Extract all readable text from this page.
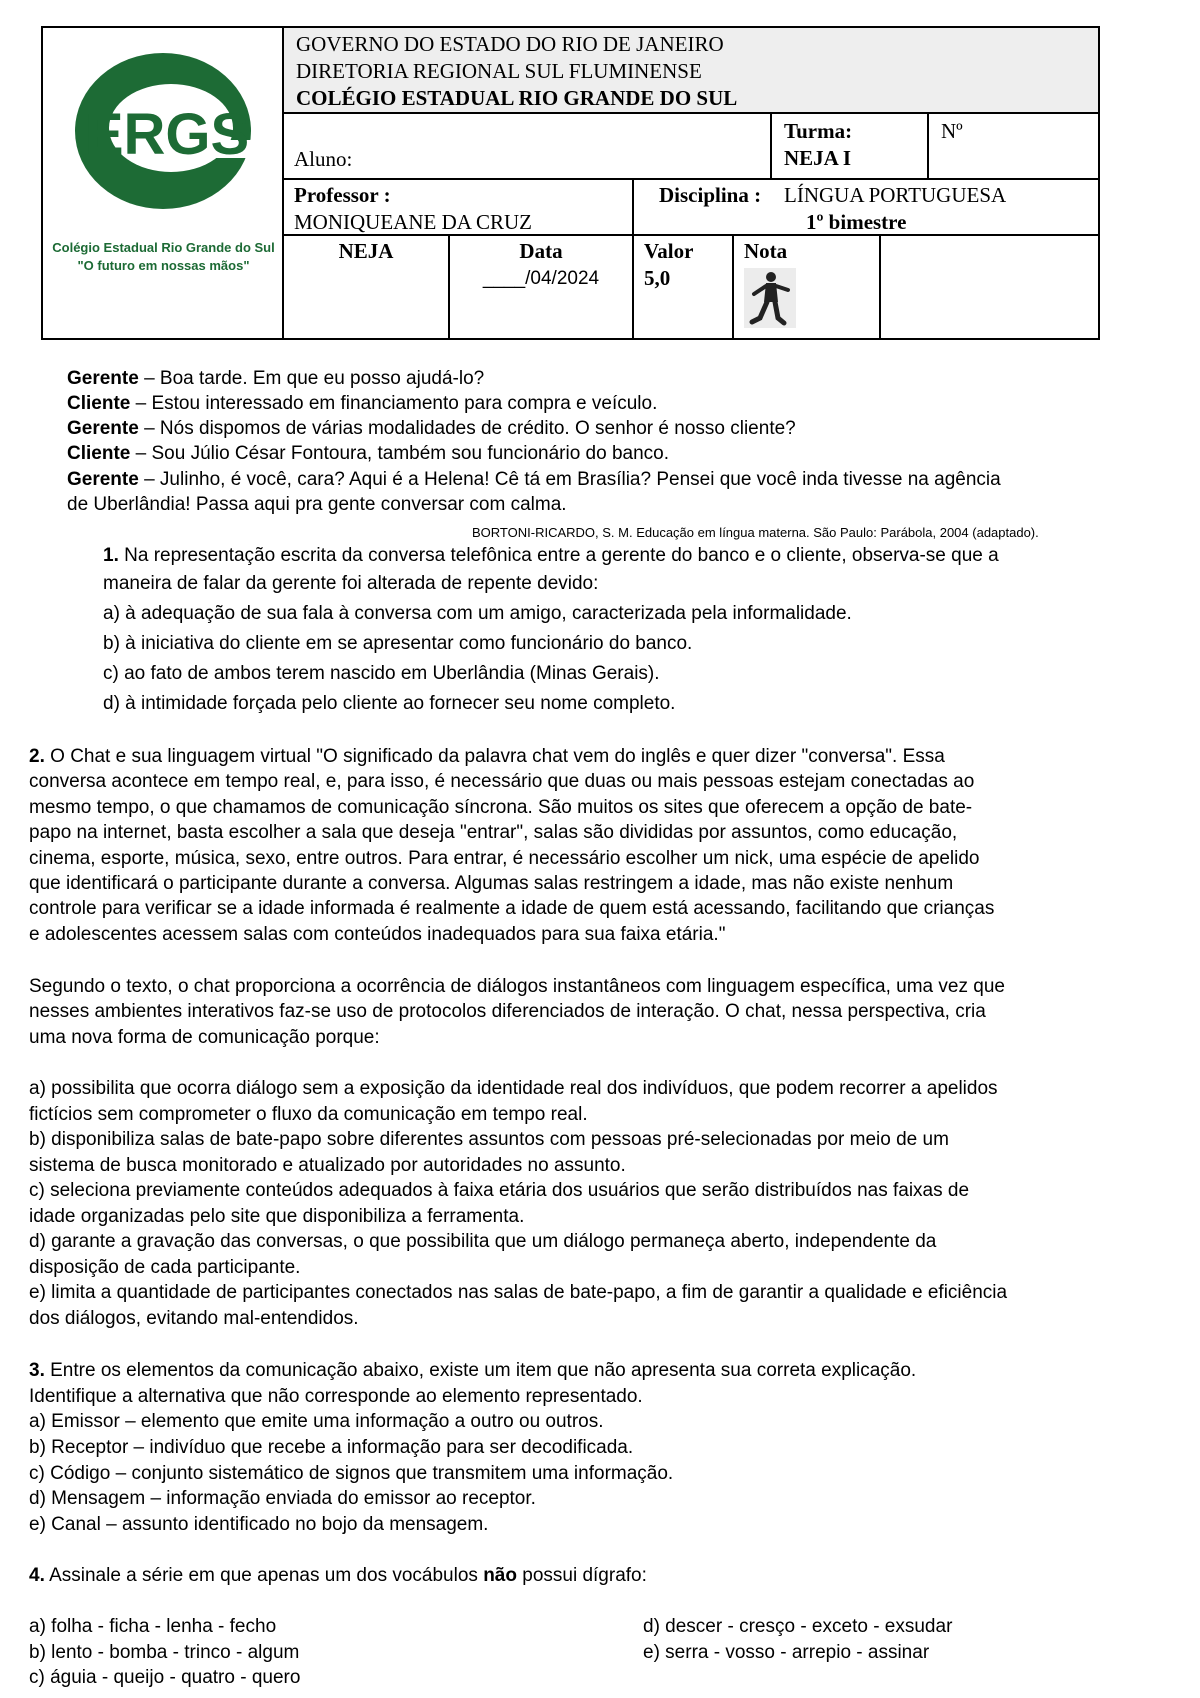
ERGS
Colégio Estadual Rio Grande do Sul
"O futuro em nossas mãos"
GOVERNO DO ESTADO DO RIO DE JANEIRO
DIRETORIA REGIONAL SUL FLUMINENSE
COLÉGIO ESTADUAL RIO GRANDE DO SUL
Aluno:
Turma:
NEJA I
Nº
Professor :
MONIQUEANE DA CRUZ
Disciplina : LÍNGUA PORTUGUESA
1º bimestre
NEJA	Data
____/04/2024
Valor
5,0
Nota
Gerente – Boa tarde. Em que eu posso ajudá-lo?
Cliente – Estou interessado em financiamento para compra e veículo.
Gerente – Nós dispomos de várias modalidades de crédito. O senhor é nosso cliente?
Cliente – Sou Júlio César Fontoura, também sou funcionário do banco.
Gerente – Julinho, é você, cara? Aqui é a Helena! Cê tá em Brasília? Pensei que você inda tivesse na agência
de Uberlândia! Passa aqui pra gente conversar com calma.
BORTONI-RICARDO, S. M. Educação em língua materna. São Paulo: Parábola, 2004 (adaptado).
1. Na representação escrita da conversa telefônica entre a gerente do banco e o cliente, observa-se que a
maneira de falar da gerente foi alterada de repente devido:
a) à adequação de sua fala à conversa com um amigo, caracterizada pela informalidade.
b) à iniciativa do cliente em se apresentar como funcionário do banco.
c) ao fato de ambos terem nascido em Uberlândia (Minas Gerais).
d) à intimidade forçada pelo cliente ao fornecer seu nome completo.
2. O Chat e sua linguagem virtual "O significado da palavra chat vem do inglês e quer dizer "conversa". Essa
conversa acontece em tempo real, e, para isso, é necessário que duas ou mais pessoas estejam conectadas ao
mesmo tempo, o que chamamos de comunicação síncrona. São muitos os sites que oferecem a opção de bate-
papo na internet, basta escolher a sala que deseja "entrar", salas são divididas por assuntos, como educação,
cinema, esporte, música, sexo, entre outros. Para entrar, é necessário escolher um nick, uma espécie de apelido
que identificará o participante durante a conversa. Algumas salas restringem a idade, mas não existe nenhum
controle para verificar se a idade informada é realmente a idade de quem está acessando, facilitando que crianças
e adolescentes acessem salas com conteúdos inadequados para sua faixa etária."
Segundo o texto, o chat proporciona a ocorrência de diálogos instantâneos com linguagem específica, uma vez que
nesses ambientes interativos faz-se uso de protocolos diferenciados de interação. O chat, nessa perspectiva, cria
uma nova forma de comunicação porque:
a) possibilita que ocorra diálogo sem a exposição da identidade real dos indivíduos, que podem recorrer a apelidos
fictícios sem comprometer o fluxo da comunicação em tempo real.
b) disponibiliza salas de bate-papo sobre diferentes assuntos com pessoas pré-selecionadas por meio de um
sistema de busca monitorado e atualizado por autoridades no assunto.
c) seleciona previamente conteúdos adequados à faixa etária dos usuários que serão distribuídos nas faixas de
idade organizadas pelo site que disponibiliza a ferramenta.
d) garante a gravação das conversas, o que possibilita que um diálogo permaneça aberto, independente da
disposição de cada participante.
e) limita a quantidade de participantes conectados nas salas de bate-papo, a fim de garantir a qualidade e eficiência
dos diálogos, evitando mal-entendidos.
3. Entre os elementos da comunicação abaixo, existe um item que não apresenta sua correta explicação.
Identifique a alternativa que não corresponde ao elemento representado.
a) Emissor – elemento que emite uma informação a outro ou outros.
b) Receptor – indivíduo que recebe a informação para ser decodificada.
c) Código – conjunto sistemático de signos que transmitem uma informação.
d) Mensagem – informação enviada do emissor ao receptor.
e) Canal – assunto identificado no bojo da mensagem.
4. Assinale a série em que apenas um dos vocábulos não possui dígrafo:
a) folha - ficha - lenha - fecho
b) lento - bomba - trinco - algum
c) águia - queijo - quatro - quero
d) descer - cresço - exceto - exsudar
e) serra - vosso - arrepio - assinar
